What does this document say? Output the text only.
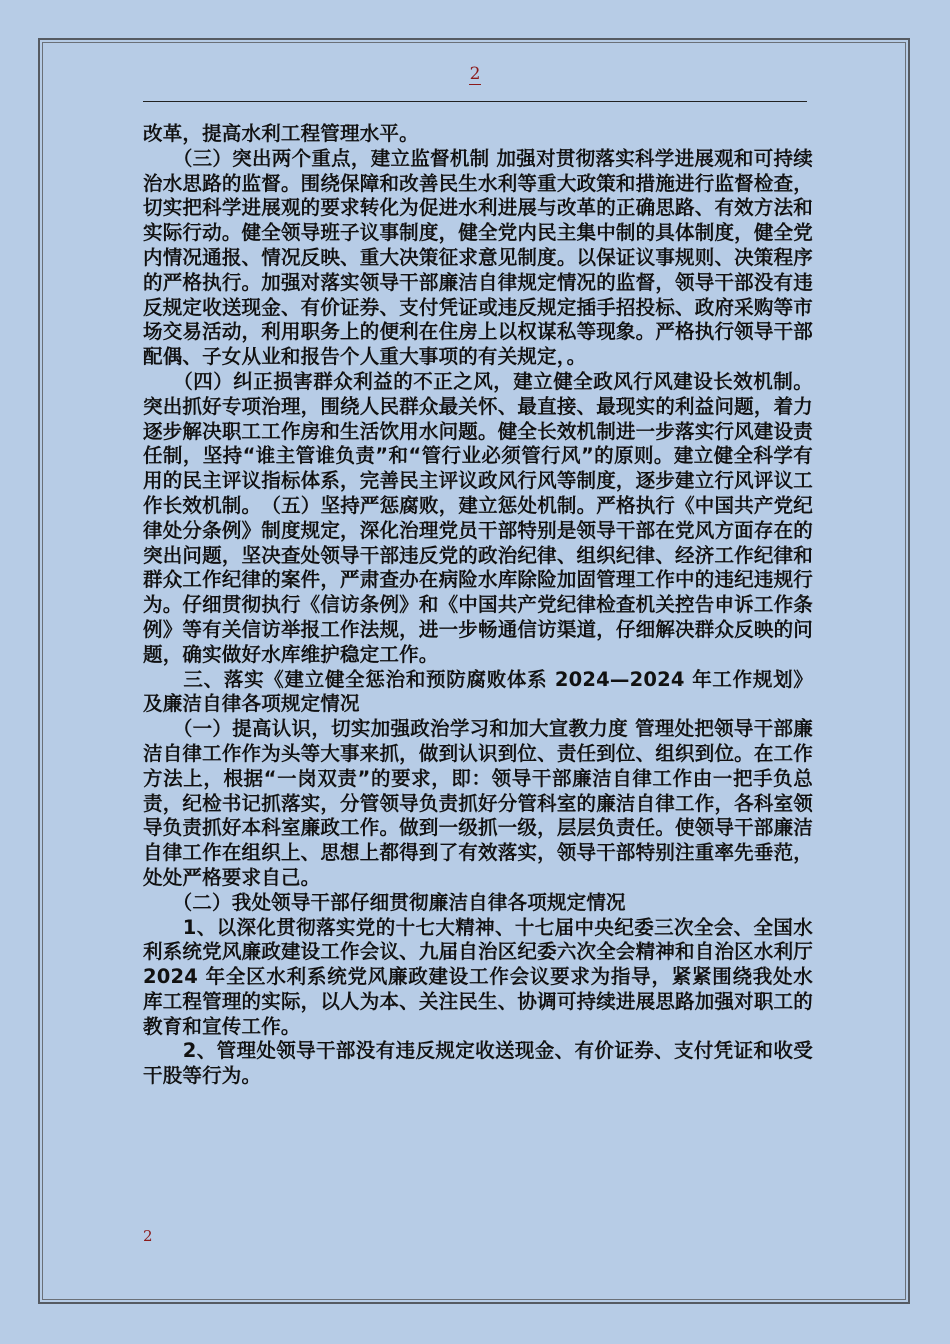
2

改革，提高水利工程管理水平。

　　（三）突出两个重点，建立监督机制 加强对贯彻落实科学进展观和可持续治水思路的监督。围绕保障和改善民生水利等重大政策和措施进行监督检查，切实把科学进展观的要求转化为促进水利进展与改革的正确思路、有效方法和实际行动。健全领导班子议事制度，健全党内民主集中制的具体制度，健全党内情况通报、情况反映、重大决策征求意见制度。以保证议事规则、决策程序的严格执行。加强对落实领导干部廉洁自律规定情况的监督，领导干部没有违反规定收送现金、有价证券、支付凭证或违反规定插手招投标、政府采购等市场交易活动，利用职务上的便利在住房上以权谋私等现象。严格执行领导干部配偶、子女从业和报告个人重大事项的有关规定，。

　　（四）纠正损害群众利益的不正之风，建立健全政风行风建设长效机制。突出抓好专项治理，围绕人民群众最关怀、最直接、最现实的利益问题，着力逐步解决职工工作房和生活饮用水问题。健全长效机制进一步落实行风建设责任制，坚持“谁主管谁负责”和“管行业必须管行风”的原则。建立健全科学有用的民主评议指标体系，完善民主评议政风行风等制度，逐步建立行风评议工作长效机制。　（五）坚持严惩腐败，建立惩处机制。严格执行《中国共产党纪律处分条例》制度规定，深化治理党员干部特别是领导干部在党风方面存在的突出问题，坚决查处领导干部违反党的政治纪律、组织纪律、经济工作纪律和群众工作纪律的案件，严肃查办在病险水库除险加固管理工作中的违纪违规行为。仔细贯彻执行《信访条例》和《中国共产党纪律检查机关控告申诉工作条例》等有关信访举报工作法规，进一步畅通信访渠道，仔细解决群众反映的问题，确实做好水库维护稳定工作。

　　三、落实《建立健全惩治和预防腐败体系 2024—2024 年工作规划》及廉洁自律各项规定情况

　　（一）提高认识，切实加强政治学习和加大宣教力度 管理处把领导干部廉洁自律工作作为头等大事来抓，做到认识到位、责任到位、组织到位。在工作方法上，根据“一岗双责”的要求，即：领导干部廉洁自律工作由一把手负总责，纪检书记抓落实，分管领导负责抓好分管科室的廉洁自律工作，各科室领导负责抓好本科室廉政工作。做到一级抓一级，层层负责任。使领导干部廉洁自律工作在组织上、思想上都得到了有效落实，领导干部特别注重率先垂范，处处严格要求自己。

　　（二）我处领导干部仔细贯彻廉洁自律各项规定情况

　　1、以深化贯彻落实党的十七大精神、十七届中央纪委三次全会、全国水利系统党风廉政建设工作会议、九届自治区纪委六次全会精神和自治区水利厅 2024 年全区水利系统党风廉政建设工作会议要求为指导，紧紧围绕我处水库工程管理的实际，以人为本、关注民生、协调可持续进展思路加强对职工的教育和宣传工作。

　　2、管理处领导干部没有违反规定收送现金、有价证券、支付凭证和收受干股等行为。

2
